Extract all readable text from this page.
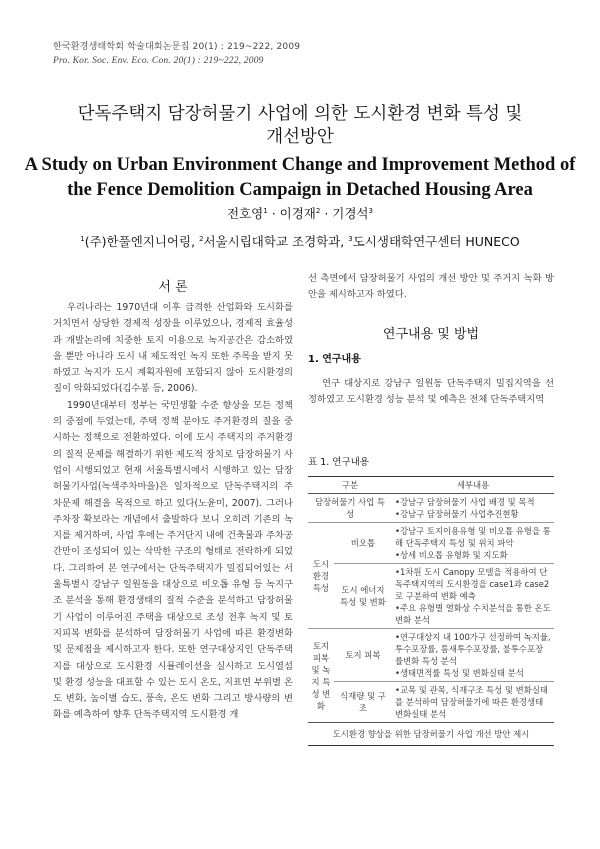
한국환경생태학회 학술대회논문집 20(1) : 219~222, 2009
Pro. Kor. Soc. Env. Eco. Con. 20(1) : 219~222, 2009
단독주택지 담장허물기 사업에 의한 도시환경 변화 특성 및
개선방안
A Study on Urban Environment Change and Improvement Method of
the Fence Demolition Campaign in Detached Housing Area
전호영$^1$ · 이경재$^2$ · 기경석$^3$
$^1$(주)한풀엔지니어링, $^2$서울시립대학교 조경학과, $^3$도시생태학연구센터 HUNECO
서 론

우리나라는 1970년대 이후 급격한 산업화와 도시화를 거치면서 상당한 경제적 성장을 이루었으나, 경제적 효율성과 개발논리에 치중한 토지 이용으로 녹지공간은 감소하였을 뿐만 아니라 도시 내 제도적인 녹지 또한 주목을 받지 못하였고 녹지가 도시 계획자원에 포함되지 않아 도시환경의 질이 악화되었다(김수봉 등, 2006).

1990년대부터 정부는 국민생활 수준 향상을 모든 정책의 중점에 두었는데, 주택 정책 분야도 주거환경의 질을 중시하는 정책으로 전환하였다. 이에 도시 주택지의 주거환경의 질적 문제를 해결하기 위한 제도적 장치로 담장허물기 사업이 시행되었고 현재 서울특별시에서 시행하고 있는 담장허물기사업(녹색주차마을)은 일차적으로 단독주택지의 주차문제 해결을 목적으로 하고 있다(노윤미, 2007). 그러나 주차장 확보라는 개념에서 출발하다 보니 오히려 기존의 녹지를 제거하여, 사업 후에는 주거단지 내에 건축물과 주차공간만이 조성되어 있는 삭막한 구조의 형태로 전락하게 되었다. 그리하여 본 연구에서는 단독주택지가 밀집되어있는 서울특별시 강남구 일원동을 대상으로 비오톱 유형 등 녹지구조 분석을 통해 환경생태의 질적 수준을 분석하고 담장허물기 사업이 이루어진 주택을 대상으로 조성 전후 녹지 및 토지피복 변화를 분석하여 담장허물기 사업에 따른 환경변화 및 문제점을 제시하고자 한다. 또한 연구대상지인 단독주택지를 대상으로 도시환경 시뮬레이션을 실시하고 도시열섬 및 환경 성능을 대표할 수 있는 도시 온도, 지표면 부위별 온도 변화, 높이별 습도, 풍속, 온도 변화 그리고 방사량의 변화를 예측하여 향후 단독주택지역 도시환경 개

선 측면에서 담장허물기 사업의 개선 방안 및 주거지 녹화 방안을 제시하고자 하였다.

연구내용 및 방법
1. 연구내용

연구 대상지로 강남구 일원동 단독주택지 밀집지역을 선정하였고 도시환경 성능 분석 및 예측은 전체 단독주택지역

표 1. 연구내용
구분		세부내용
담장허물기 사업 특성		•강남구 담장허물기 사업 배경 및 목적
•강남구 담장허물기 사업추진현황

도시 환경 특성	비오톱	•강남구 토지이용유형 및 비오톱 유형을 통해 단독주택지 특성 및 위치 파악
•상세 비오톱 유형화 및 지도화

	도시 에너지 특성 및 변화	•1차원 도시 Canopy 모델을 적용하여 단독주택지역의 도시환경을 case1과 case2로 구분하여 변화 예측
•주요 유형별 열화상 수치분석을 통한 온도 변화 분석

토지 피복 및 녹지 특성 변화	토지 피복	•연구대상지 내 100가구 선정하여 녹지율, 투수포장률, 틈새투수포장률, 불투수포장률변화 특성 분석
•생태면적률 특성 및 변화실태 분석

	식재량 및 구조	•교목 및 관목, 식재구조 특성 및 변화실태를 분석하여 담장허물기에 따른 환경생태 변화실태 분석

도시환경 향상을 위한 담장허물기 사업 개선 방안 제시		
